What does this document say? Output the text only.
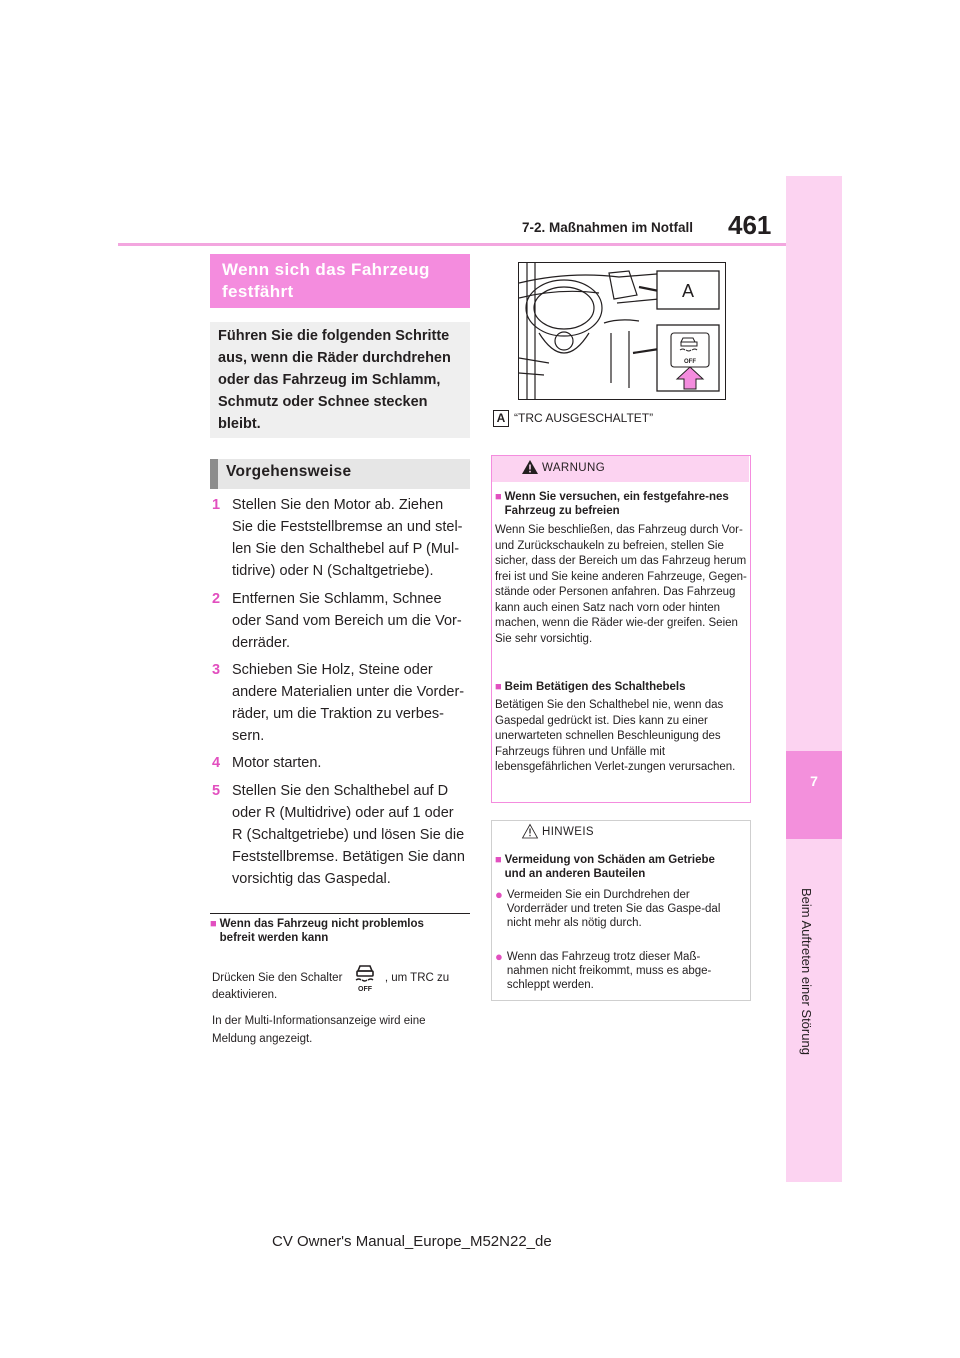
7-2. Maßnahmen im Notfall 461
7
Beim Auftreten einer Störung
Wenn sich das Fahrzeug festfährt
Führen Sie die folgenden Schritte aus, wenn die Räder durchdrehen oder das Fahrzeug im Schlamm, Schmutz oder Schnee stecken bleibt.
Vorgehensweise
1 Stellen Sie den Motor ab. Ziehen Sie die Feststellbremse an und stel-len Sie den Schalthebel auf P (Mul-tidrive) oder N (Schaltgetriebe).
2 Entfernen Sie Schlamm, Schnee oder Sand vom Bereich um die Vor-derräder.
3 Schieben Sie Holz, Steine oder andere Materialien unter die Vorder-räder, um die Traktion zu verbes-sern.
4 Motor starten.
5 Stellen Sie den Schalthebel auf D oder R (Multidrive) oder auf 1 oder R (Schaltgetriebe) und lösen Sie die Feststellbremse. Betätigen Sie dann vorsichtig das Gaspedal.
■ Wenn das Fahrzeug nicht problemlos befreit werden kann
Drücken Sie den Schalter
OFF
, um TRC zu
deaktivieren.
In der Multi-Informationsanzeige wird eine Meldung angezeigt.
A
OFF
A “TRC AUSGESCHALTET”
WARNUNG
■ Wenn Sie versuchen, ein festgefahre-nes Fahrzeug zu befreien
Wenn Sie beschließen, das Fahrzeug durch Vor- und Zurückschaukeln zu befreien, stellen Sie sicher, dass der Bereich um das Fahrzeug herum frei ist und Sie keine anderen Fahrzeuge, Gegen-stände oder Personen anfahren. Das Fahrzeug kann auch einen Satz nach vorn oder hinten machen, wenn die Räder wie-der greifen. Seien Sie sehr vorsichtig.
■ Beim Betätigen des Schalthebels
Betätigen Sie den Schalthebel nie, wenn das Gaspedal gedrückt ist. Dies kann zu einer unerwarteten schnellen Beschleunigung des Fahrzeugs führen und Unfälle mit lebensgefährlichen Verlet-zungen verursachen.
HINWEIS
■ Vermeidung von Schäden am Getriebe und an anderen Bauteilen
● Vermeiden Sie ein Durchdrehen der Vorderräder und treten Sie das Gaspe-dal nicht mehr als nötig durch.
● Wenn das Fahrzeug trotz dieser Maß-nahmen nicht freikommt, muss es abge-schleppt werden.
CV Owner's Manual_Europe_M52N22_de
